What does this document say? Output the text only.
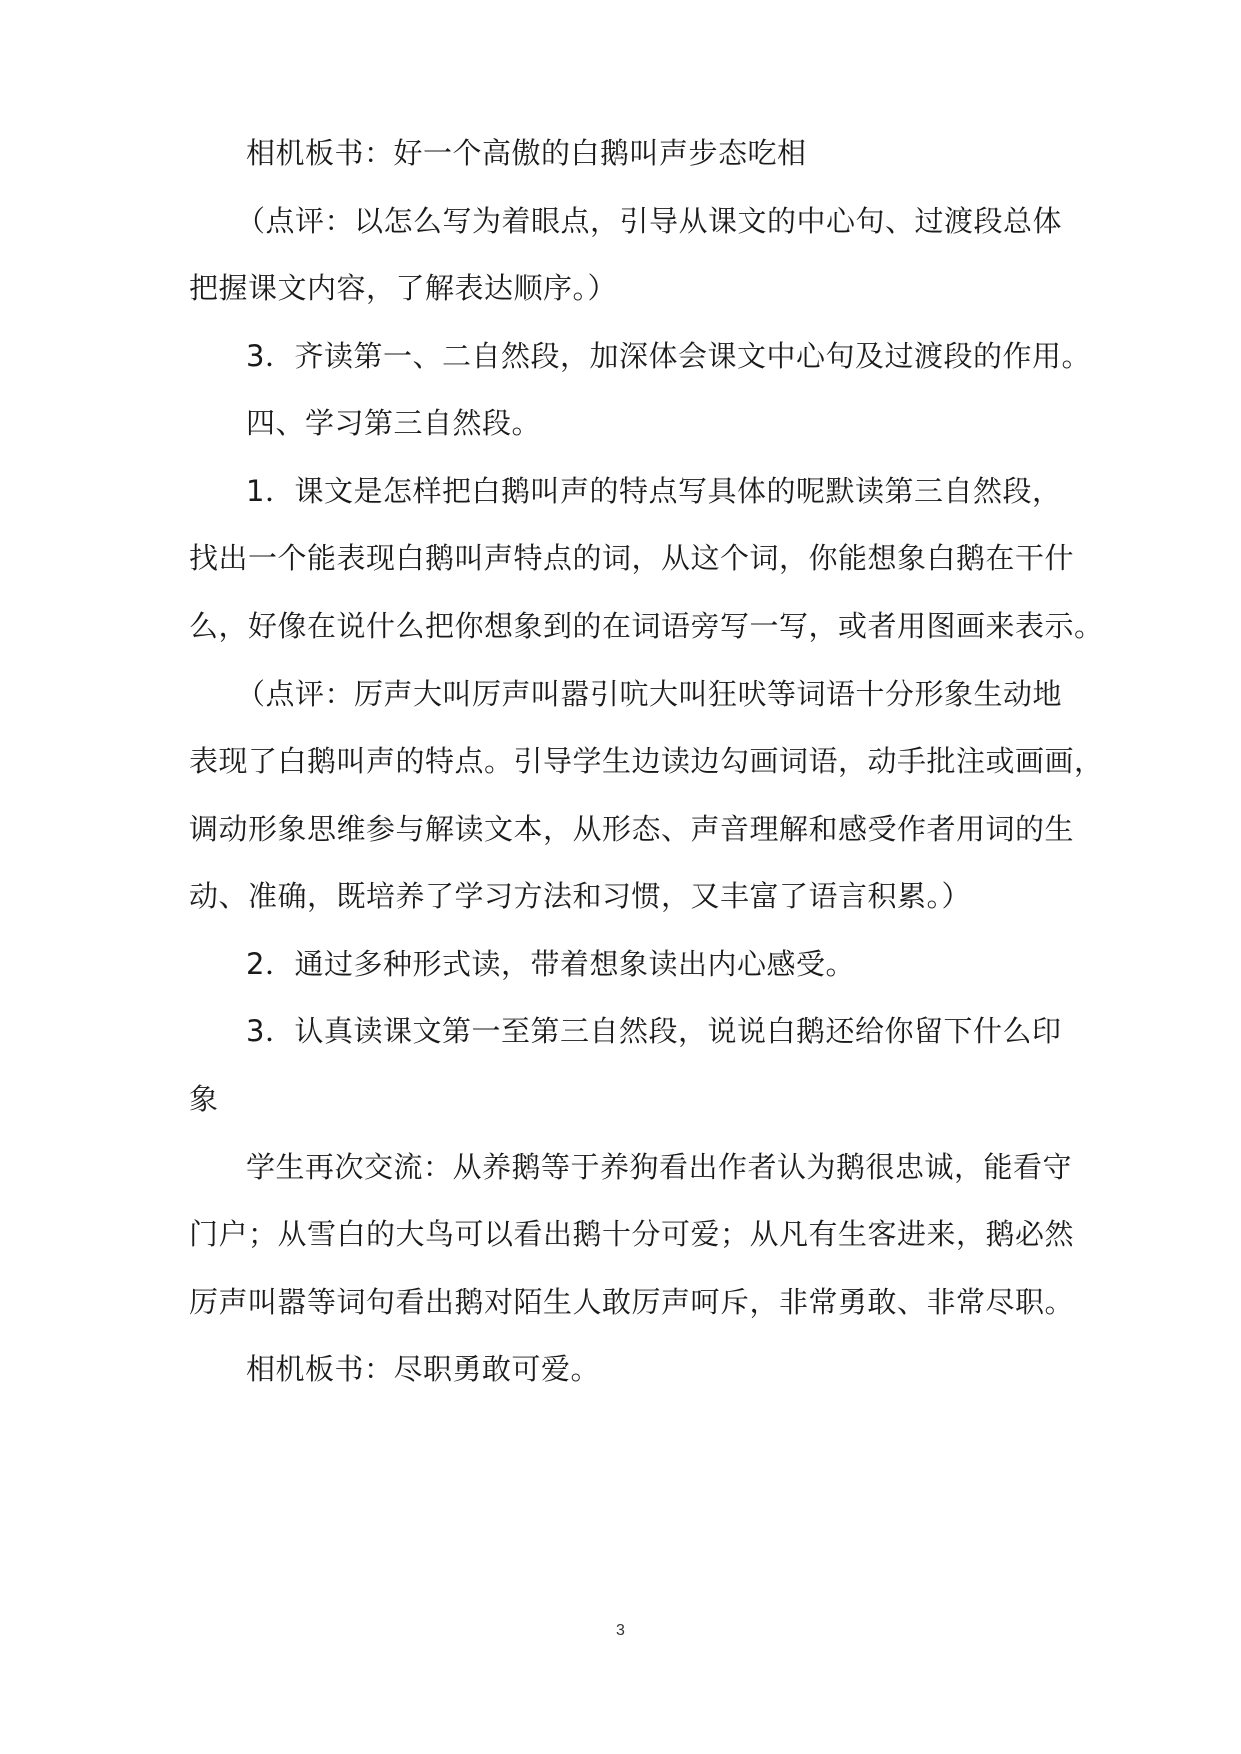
相机板书：好一个高傲的白鹅叫声步态吃相
（点评：以怎么写为着眼点，引导从课文的中心句、过渡段总体
把握课文内容，了解表达顺序。）
3．齐读第一、二自然段，加深体会课文中心句及过渡段的作用。
四、学习第三自然段。
1．课文是怎样把白鹅叫声的特点写具体的呢默读第三自然段，
找出一个能表现白鹅叫声特点的词，从这个词，你能想象白鹅在干什
么，好像在说什么把你想象到的在词语旁写一写，或者用图画来表示。
（点评：厉声大叫厉声叫嚣引吭大叫狂吠等词语十分形象生动地
表现了白鹅叫声的特点。引导学生边读边勾画词语，动手批注或画画，
调动形象思维参与解读文本，从形态、声音理解和感受作者用词的生
动、准确，既培养了学习方法和习惯，又丰富了语言积累。）
2．通过多种形式读，带着想象读出内心感受。
3．认真读课文第一至第三自然段，说说白鹅还给你留下什么印
象
学生再次交流：从养鹅等于养狗看出作者认为鹅很忠诚，能看守
门户；从雪白的大鸟可以看出鹅十分可爱；从凡有生客进来，鹅必然
厉声叫嚣等词句看出鹅对陌生人敢厉声呵斥，非常勇敢、非常尽职。
相机板书：尽职勇敢可爱。
3
